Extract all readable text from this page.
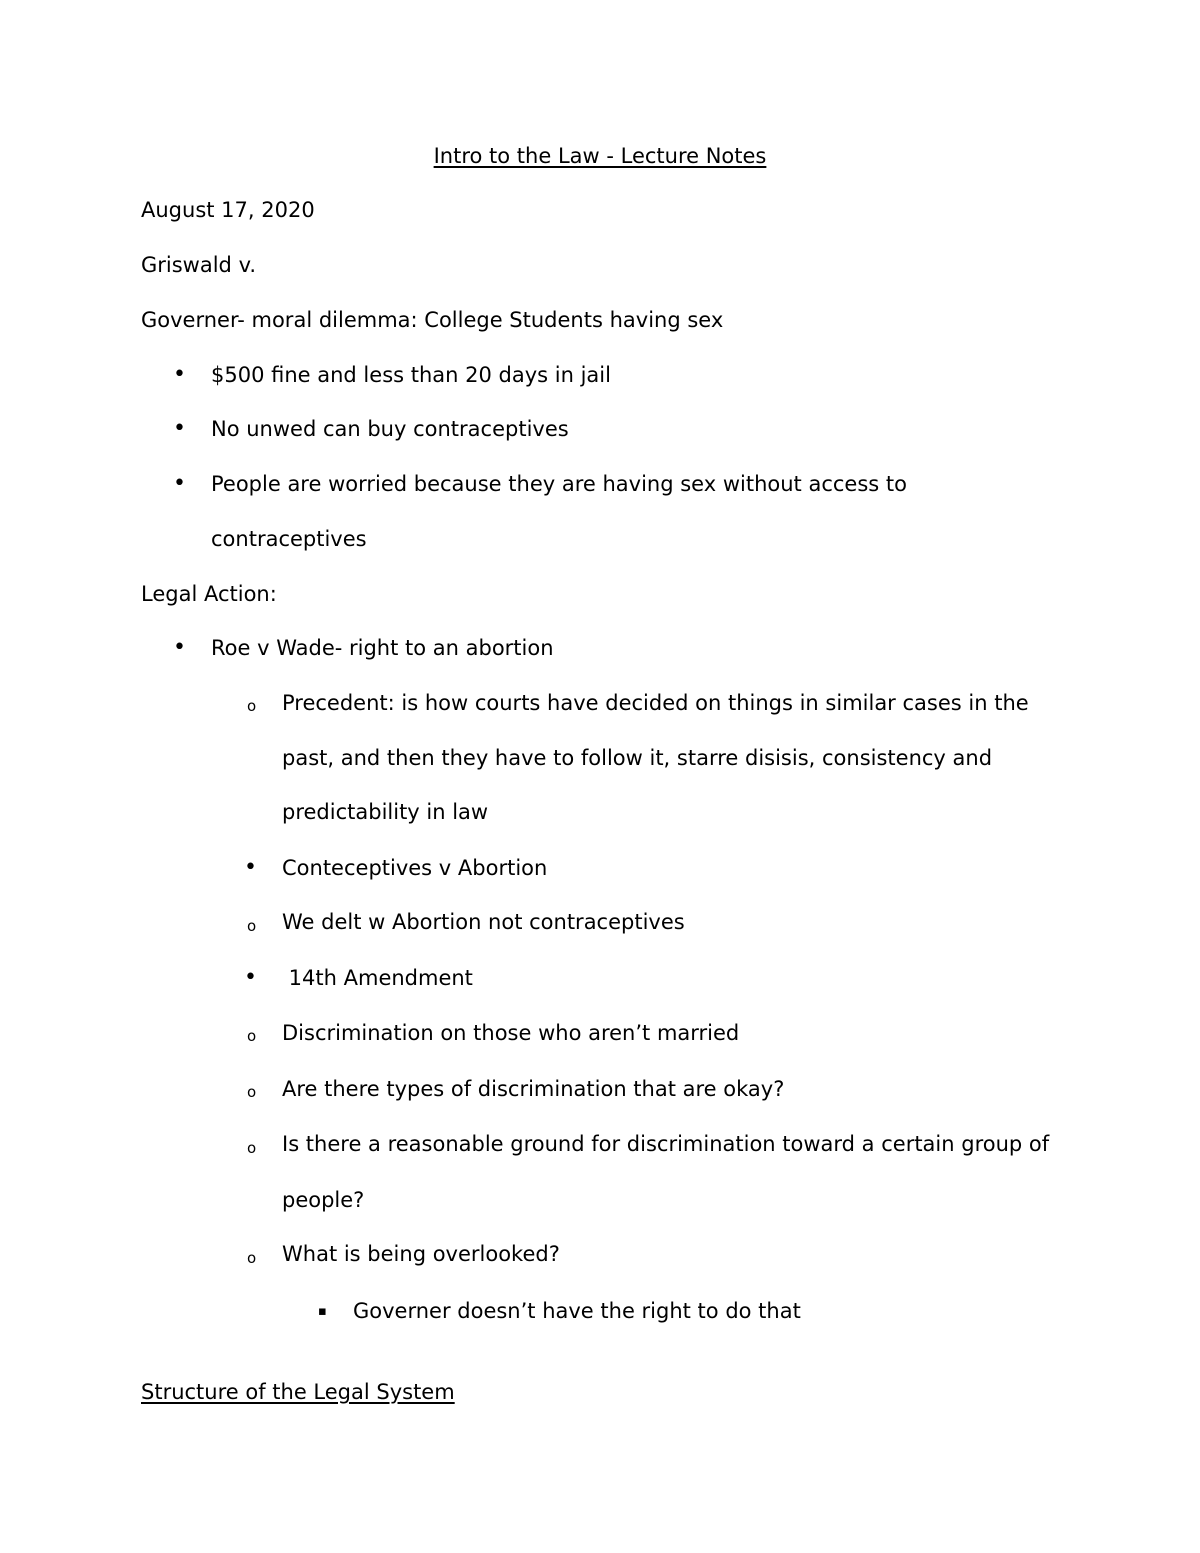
Intro to the Law - Lecture Notes
August 17, 2020
Griswald v.
Governer- moral dilemma: College Students having sex
• $500 fine and less than 20 days in jail
• No unwed can buy contraceptives
• People are worried because they are having sex without access to
contraceptives
Legal Action:
• Roe v Wade- right to an abortion
o Precedent: is how courts have decided on things in similar cases in the
past, and then they have to follow it, starre disisis, consistency and
predictability in law
• Conteceptives v Abortion
o We delt w Abortion not contraceptives
• 14th Amendment
o Discrimination on those who aren’t married
o Are there types of discrimination that are okay?
o Is there a reasonable ground for discrimination toward a certain group of
people?
o What is being overlooked?
▪ Governer doesn’t have the right to do that
Structure of the Legal System
